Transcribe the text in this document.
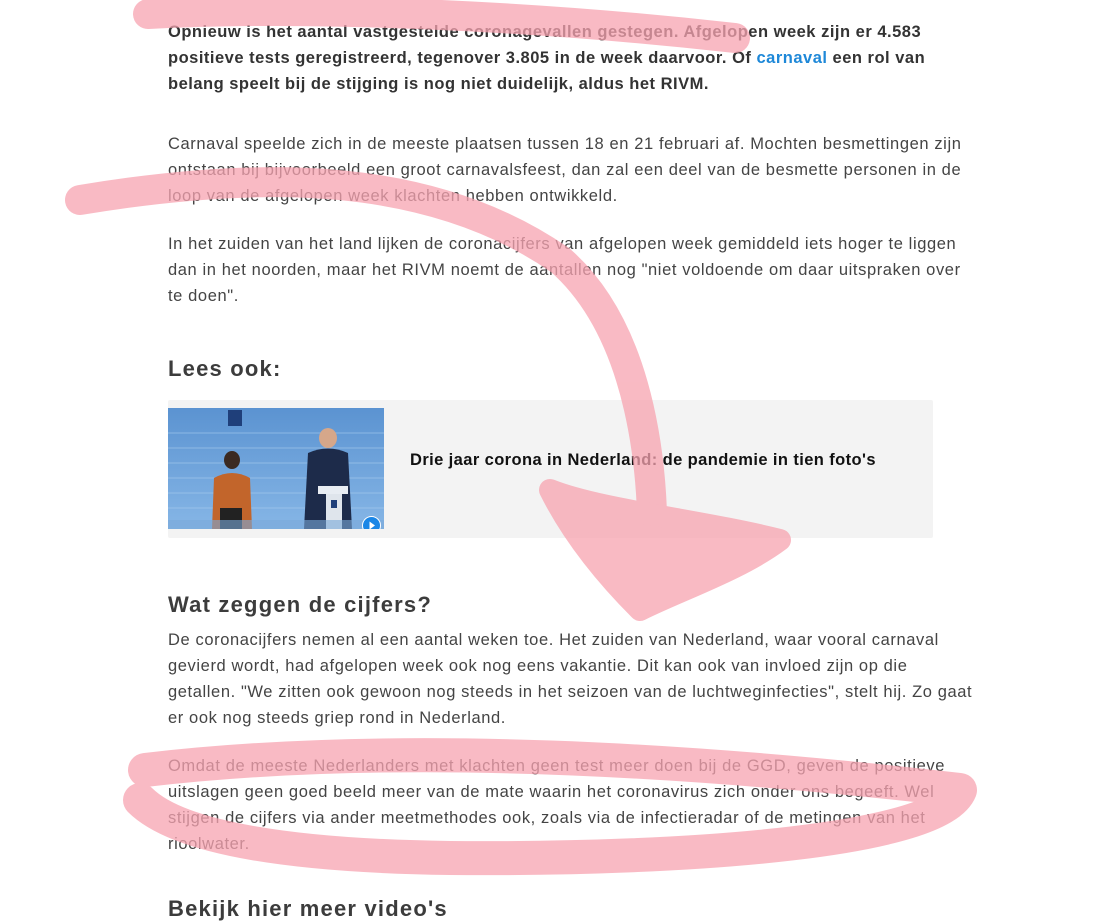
Opnieuw is het aantal vastgestelde coronagevallen gestegen. Afgelopen week zijn er 4.583 positieve tests geregistreerd, tegenover 3.805 in de week daarvoor. Of carnaval een rol van belang speelt bij de stijging is nog niet duidelijk, aldus het RIVM.

Carnaval speelde zich in de meeste plaatsen tussen 18 en 21 februari af. Mochten besmettingen zijn ontstaan bij bijvoorbeeld een groot carnavalsfeest, dan zal een deel van de besmette personen in de loop van de afgelopen week klachten hebben ontwikkeld.

In het zuiden van het land lijken de coronacijfers van afgelopen week gemiddeld iets hoger te liggen dan in het noorden, maar het RIVM noemt de aantallen nog "niet voldoende om daar uitspraken over te doen".

Lees ook:
Drie jaar corona in Nederland: de pandemie in tien foto's
Wat zeggen de cijfers?

De coronacijfers nemen al een aantal weken toe. Het zuiden van Nederland, waar vooral carnaval gevierd wordt, had afgelopen week ook nog eens vakantie. Dit kan ook van invloed zijn op die getallen. "We zitten ook gewoon nog steeds in het seizoen van de luchtweginfecties", stelt hij. Zo gaat er ook nog steeds griep rond in Nederland.

Omdat de meeste Nederlanders met klachten geen test meer doen bij de GGD, geven de positieve uitslagen geen goed beeld meer van de mate waarin het coronavirus zich onder ons begeeft. Wel stijgen de cijfers via ander meetmethodes ook, zoals via de infectieradar of de metingen van het rioolwater.

Bekijk hier meer video's
